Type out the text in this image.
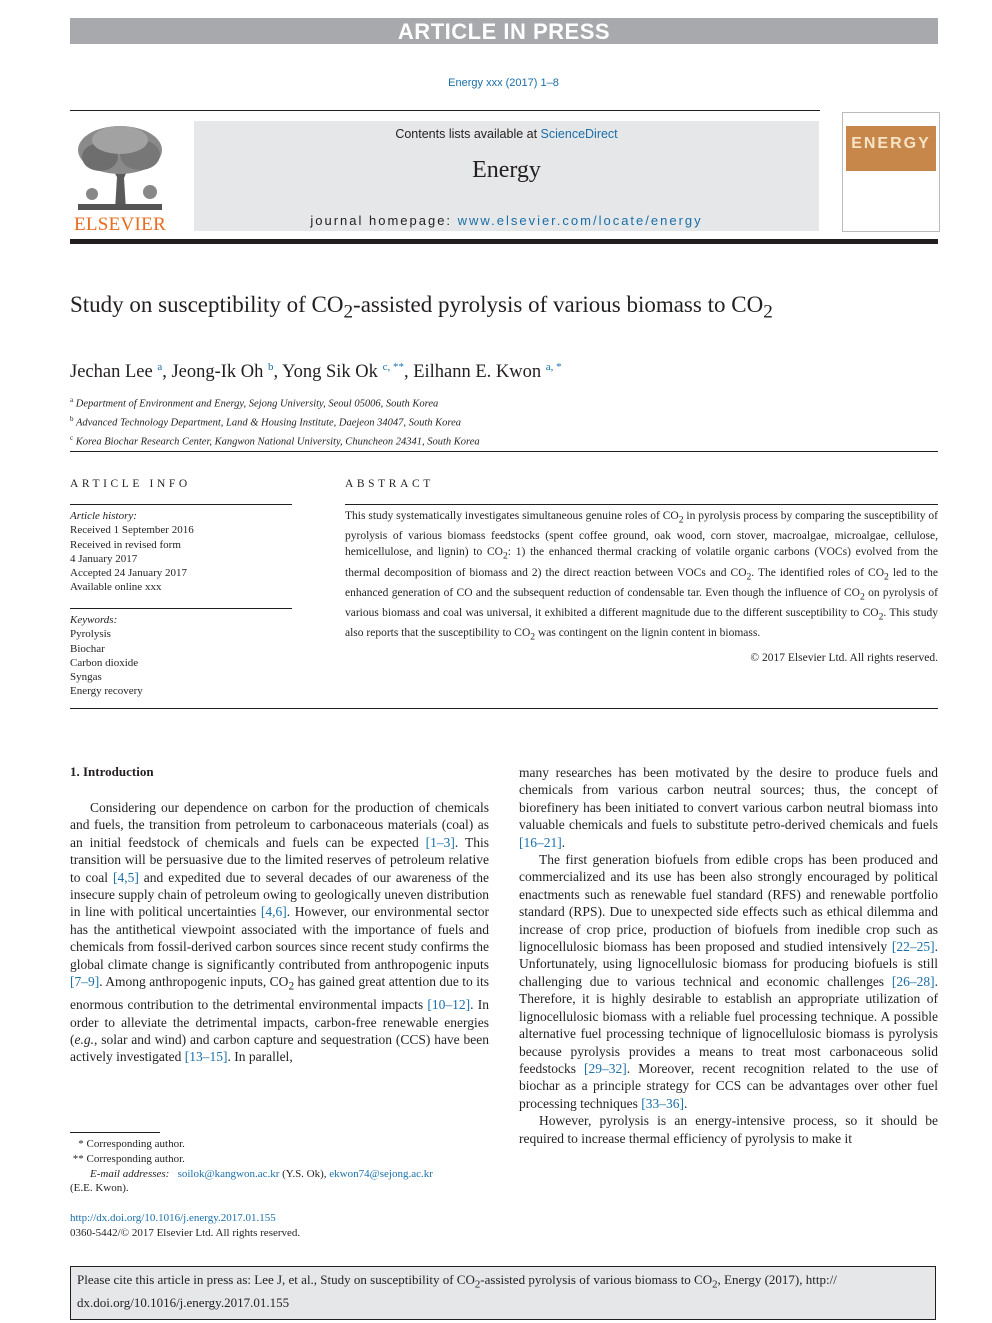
ARTICLE IN PRESS
Energy xxx (2017) 1–8
ELSEVIER
Contents lists available at ScienceDirect
Energy
journal homepage: www.elsevier.com/locate/energy
ENERGY
Study on susceptibility of $CO_2$-assisted pyrolysis of various biomass to $CO_2$
Jechan Lee $^a$, Jeong-Ik Oh $^b$, Yong Sik Ok $^{c, **}$, Eilhann E. Kwon $^{a, *}$
$^a$ Department of Environment and Energy, Sejong University, Seoul 05006, South Korea
$^b$ Advanced Technology Department, Land & Housing Institute, Daejeon 34047, South Korea
$^c$ Korea Biochar Research Center, Kangwon National University, Chuncheon 24341, South Korea
ARTICLE INFO
Article history:
Received 1 September 2016
Received in revised form
4 January 2017
Accepted 24 January 2017
Available online xxx
Keywords:
Pyrolysis
Biochar
Carbon dioxide
Syngas
Energy recovery
ABSTRACT
This study systematically investigates simultaneous genuine roles of $CO_2$ in pyrolysis process by comparing the susceptibility of pyrolysis of various biomass feedstocks (spent coffee ground, oak wood, corn stover, macroalgae, microalgae, cellulose, hemicellulose, and lignin) to $CO_2$: 1) the enhanced thermal cracking of volatile organic carbons (VOCs) evolved from the thermal decomposition of biomass and 2) the direct reaction between VOCs and $CO_2$. The identified roles of $CO_2$ led to the enhanced generation of CO and the subsequent reduction of condensable tar. Even though the influence of $CO_2$ on pyrolysis of various biomass and coal was universal, it exhibited a different magnitude due to the different susceptibility to $CO_2$. This study also reports that the susceptibility to $CO_2$ was contingent on the lignin content in biomass.
© 2017 Elsevier Ltd. All rights reserved.
1. Introduction

Considering our dependence on carbon for the production of chemicals and fuels, the transition from petroleum to carbonaceous materials (coal) as an initial feedstock of chemicals and fuels can be expected [1–3]. This transition will be persuasive due to the limited reserves of petroleum relative to coal [4,5] and expedited due to several decades of our awareness of the insecure supply chain of petroleum owing to geologically uneven distribution in line with political uncertainties [4,6]. However, our environmental sector has the antithetical viewpoint associated with the importance of fuels and chemicals from fossil-derived carbon sources since recent study confirms the global climate change is significantly contributed from anthropogenic inputs [7–9]. Among anthropogenic inputs, $CO_2$ has gained great attention due to its enormous contribution to the detrimental environmental impacts [10–12]. In order to alleviate the detrimental impacts, carbon-free renewable energies (e.g., solar and wind) and carbon capture and sequestration (CCS) have been actively investigated [13–15]. In parallel,

many researches has been motivated by the desire to produce fuels and chemicals from various carbon neutral sources; thus, the concept of biorefinery has been initiated to convert various carbon neutral biomass into valuable chemicals and fuels to substitute petro-derived chemicals and fuels [16–21].

The first generation biofuels from edible crops has been produced and commercialized and its use has been also strongly encouraged by political enactments such as renewable fuel standard (RFS) and renewable portfolio standard (RPS). Due to unexpected side effects such as ethical dilemma and increase of crop price, production of biofuels from inedible crop such as lignocellulosic biomass has been proposed and studied intensively [22–25]. Unfortunately, using lignocellulosic biomass for producing biofuels is still challenging due to various technical and economic challenges [26–28]. Therefore, it is highly desirable to establish an appropriate utilization of lignocellulosic biomass with a reliable fuel processing technique. A possible alternative fuel processing technique of lignocellulosic biomass is pyrolysis because pyrolysis provides a means to treat most carbonaceous solid feedstocks [29–32]. Moreover, recent recognition related to the use of biochar as a principle strategy for CCS can be advantages over other fuel processing techniques [33–36].

However, pyrolysis is an energy-intensive process, so it should be required to increase thermal efficiency of pyrolysis to make it

* Corresponding author.
** Corresponding author.
E-mail addresses: soilok@kangwon.ac.kr (Y.S. Ok), ekwon74@sejong.ac.kr
(E.E. Kwon).
http://dx.doi.org/10.1016/j.energy.2017.01.155
0360-5442/© 2017 Elsevier Ltd. All rights reserved.
Please cite this article in press as: Lee J, et al., Study on susceptibility of $CO_2$-assisted pyrolysis of various biomass to $CO_2$, Energy (2017), http://
dx.doi.org/10.1016/j.energy.2017.01.155
